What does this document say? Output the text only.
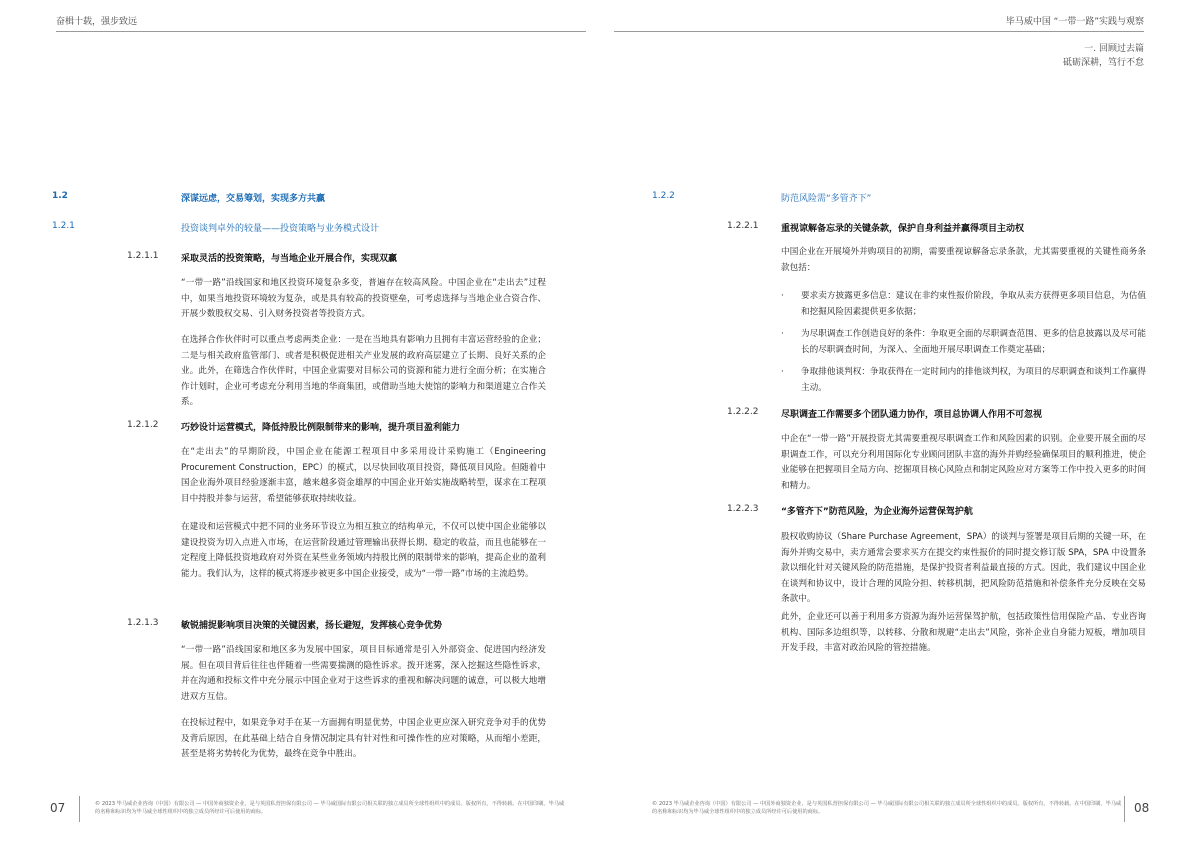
奋楫十载，强步致远	毕马威中国 “一带一路”实践与观察
一. 回顾过去篇
砥砺深耕，笃行不怠
1.2	深谋远虑，交易筹划，实现多方共赢
1.2.1	投资谈判卓外的较量——投资策略与业务模式设计
1.2.1.1	采取灵活的投资策略，与当地企业开展合作，实现双赢
“一带一路”沿线国家和地区投资环境复杂多变，普遍存在较高风险。中国企业在“走出去”过程中，如果当地投资环境较为复杂，或是具有较高的投资壁垒，可考虑选择与当地企业合资合作、开展少数股权交易、引入财务投资者等投资方式。
在选择合作伙伴时可以重点考虑两类企业：一是在当地具有影响力且拥有丰富运营经验的企业；二是与相关政府监管部门、或者是积极促进相关产业发展的政府高层建立了长期、良好关系的企业。此外，在筛选合作伙伴时，中国企业需要对目标公司的资源和能力进行全面分析；在实施合作计划时，企业可考虑充分利用当地的华商集团，或借助当地大使馆的影响力和渠道建立合作关系。
1.2.1.2	巧妙设计运营模式，降低持股比例限制带来的影响，提升项目盈利能力
在“走出去”的早期阶段，中国企业在能源工程项目中多采用设计采购施工（Engineering Procurement Construction，EPC）的模式，以尽快回收项目投资，降低项目风险。但随着中国企业海外项目经验逐渐丰富，越来越多资金雄厚的中国企业开始实施战略转型，谋求在工程项目中持股并参与运营，希望能够获取持续收益。
在建设和运营模式中把不同的业务环节设立为相互独立的结构单元，不仅可以使中国企业能够以建设投资为切入点进入市场，在运营阶段通过管理输出获得长期、稳定的收益，而且也能够在一定程度上降低投资地政府对外资在某些业务领域内持股比例的限制带来的影响，提高企业的盈利能力。我们认为，这样的模式将逐步被更多中国企业接受，成为“一带一路”市场的主流趋势。
1.2.1.3	敏锐捕捉影响项目决策的关键因素，扬长避短，发挥核心竞争优势
“一带一路”沿线国家和地区多为发展中国家，项目目标通常是引入外部资金、促进国内经济发展。但在项目背后往往也伴随着一些需要揣测的隐性诉求。拨开迷雾，深入挖掘这些隐性诉求，并在沟通和投标文件中充分展示中国企业对于这些诉求的重视和解决问题的诚意，可以极大地增进双方互信。
在投标过程中，如果竞争对手在某一方面拥有明显优势，中国企业更应深入研究竞争对手的优势及背后原因，在此基础上结合自身情况制定具有针对性和可操作性的应对策略，从而缩小差距，甚至是将劣势转化为优势，最终在竞争中胜出。
1.2.2	防范风险需“多管齐下”
1.2.2.1	重视谅解备忘录的关键条款，保护自身利益并赢得项目主动权
中国企业在开展境外并购项目的初期，需要重视谅解备忘录条款，尤其需要重视的关键性商务条款包括：
· 要求卖方披露更多信息：建议在非约束性报价阶段，争取从卖方获得更多项目信息，为估值和挖掘风险因素提供更多依据；
· 为尽职调查工作创造良好的条件：争取更全面的尽职调查范围、更多的信息披露以及尽可能长的尽职调查时间，为深入、全面地开展尽职调查工作奠定基础；
· 争取排他谈判权：争取获得在一定时间内的排他谈判权，为项目的尽职调查和谈判工作赢得主动。
1.2.2.2	尽职调查工作需要多个团队通力协作，项目总协调人作用不可忽视
中企在“一带一路”开展投资尤其需要重视尽职调查工作和风险因素的识别。企业要开展全面的尽职调查工作，可以充分利用国际化专业顾问团队丰富的海外并购经验确保项目的顺利推进，使企业能够在把握项目全局方向、挖掘项目核心风险点和制定风险应对方案等工作中投入更多的时间和精力。
1.2.2.3	“多管齐下”防范风险，为企业海外运营保驾护航
股权收购协议（Share Purchase Agreement，SPA）的谈判与签署是项目后期的关键一环，在海外并购交易中，卖方通常会要求买方在提交约束性报价的同时提交修订版 SPA，SPA 中设置条款以细化针对关键风险的防范措施，是保护投资者利益最直接的方式。因此，我们建议中国企业在谈判和协议中，设计合理的风险分担、转移机制，把风险防范措施和补偿条件充分反映在交易条款中。
此外，企业还可以善于利用多方资源为海外运营保驾护航，包括政策性信用保险产品、专业咨询机构、国际多边组织等，以转移、分散和规避“走出去”风险，弥补企业自身能力短板，增加项目开发手段，丰富对政治风险的管控措施。
07	© 2023 毕马威企业咨询（中国）有限公司 — 中国外商独资企业，是与英国私营担保有限公司 — 毕马威国际有限公司相关联的独立成员所全球性组织中的成员。版权所有，不得转载。在中国印刷。毕马威的名称和标识均为毕马威全球性组织中的独立成员所经许可后使用的商标。
© 2023 毕马威企业咨询（中国）有限公司 — 中国外商独资企业，是与英国私营担保有限公司 — 毕马威国际有限公司相关联的独立成员所全球性组织中的成员。版权所有，不得转载。在中国印刷。毕马威的名称和标识均为毕马威全球性组织中的独立成员所经许可后使用的商标。	08
